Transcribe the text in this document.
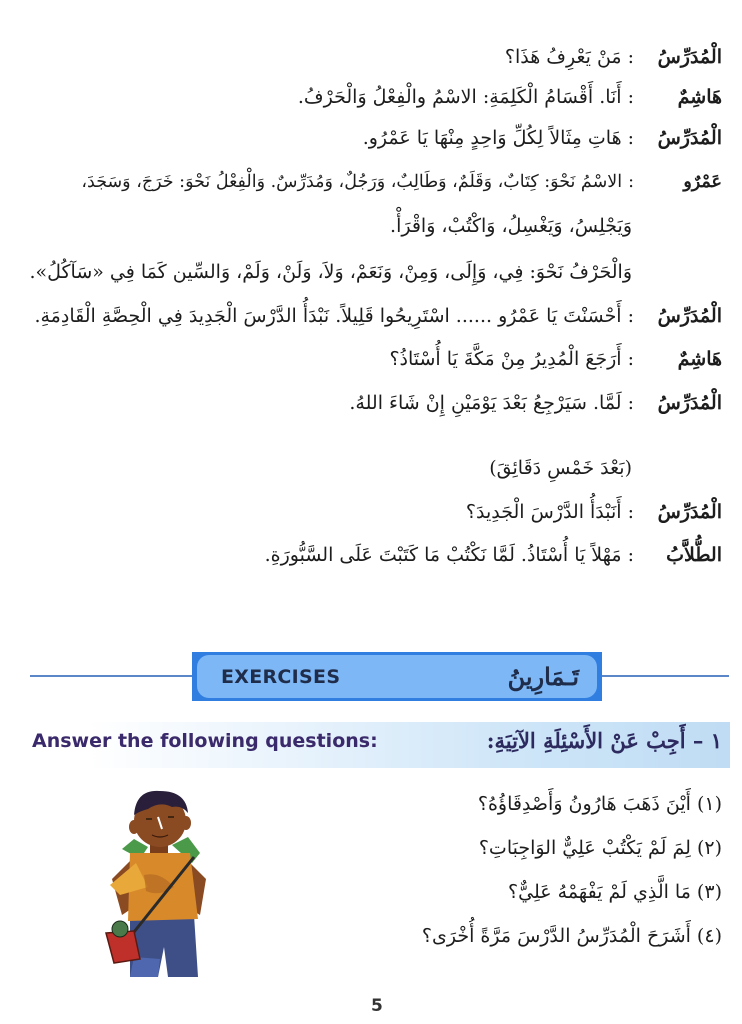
الْمُدَرِّسُ
:
مَنْ يَعْرِفُ هَذَا؟
هَاشِمٌ
:
أَنَا. أَقْسَامُ الْكَلِمَةِ: الاسْمُ والْفِعْلُ وَالْحَرْفُ.
الْمُدَرِّسُ
:
هَاتِ مِثَالاً لِكُلِّ وَاحِدٍ مِنْهَا يَا عَمْرُو.
عَمْرٌو
:
الاسْمُ نَحْوَ: كِتَابٌ، وَقَلَمٌ، وَطَالِبٌ، وَرَجُلٌ، وَمُدَرِّسٌ. وَالْفِعْلُ نَحْوَ: خَرَجَ، وَسَجَدَ،
وَيَجْلِسُ، وَيَغْسِلُ، وَاكْتُبْ، وَاقْرَأْ.
وَالْحَرْفُ نَحْوَ: فِي، وَإِلَى، وَمِنْ، وَنَعَمْ، وَلاَ، وَلَنْ، وَلَمْ، وَالسِّين كَمَا فِي «سَآكُلُ».
الْمُدَرِّسُ
:
أَحْسَنْتَ يَا عَمْرُو ...... اسْتَرِيحُوا قَلِيلاً. نَبْدَأُ الدَّرْسَ الْجَدِيدَ فِي الْحِصَّةِ الْقَادِمَةِ.
هَاشِمٌ
:
أَرَجَعَ الْمُدِيرُ مِنْ مَكَّةَ يَا أُسْتَاذُ؟
الْمُدَرِّسُ
:
لَمَّا. سَيَرْجِعُ بَعْدَ يَوْمَيْنِ إِنْ شَاءَ اللهُ.
(بَعْدَ خَمْسِ دَقَائِقَ)
الْمُدَرِّسُ
:
أَنَبْدَأُ الدَّرْسَ الْجَدِيدَ؟
الطُّلاَّبُ
:
مَهْلاً يَا أُسْتَاذُ. لَمَّا نَكْتُبْ مَا كَتَبْتَ عَلَى السَّبُّورَةِ.
EXERCISES	تَـمَارِينُ
Answer the following questions:	١ – أَجِبْ عَنْ الأَسْئِلَةِ الآتِيَةِ:
(١) أَيْنَ ذَهَبَ هَارُونُ وَأَصْدِقَاؤُهُ؟
(٢) لِمَ لَمْ يَكْتُبْ عَلِيٌّ الوَاجِبَاتِ؟
(٣) مَا الَّذِي لَمْ يَفْهَمْهُ عَلِيٌّ؟
(٤) أَشَرَحَ الْمُدَرِّسُ الدَّرْسَ مَرَّةً أُخْرَى؟
5
